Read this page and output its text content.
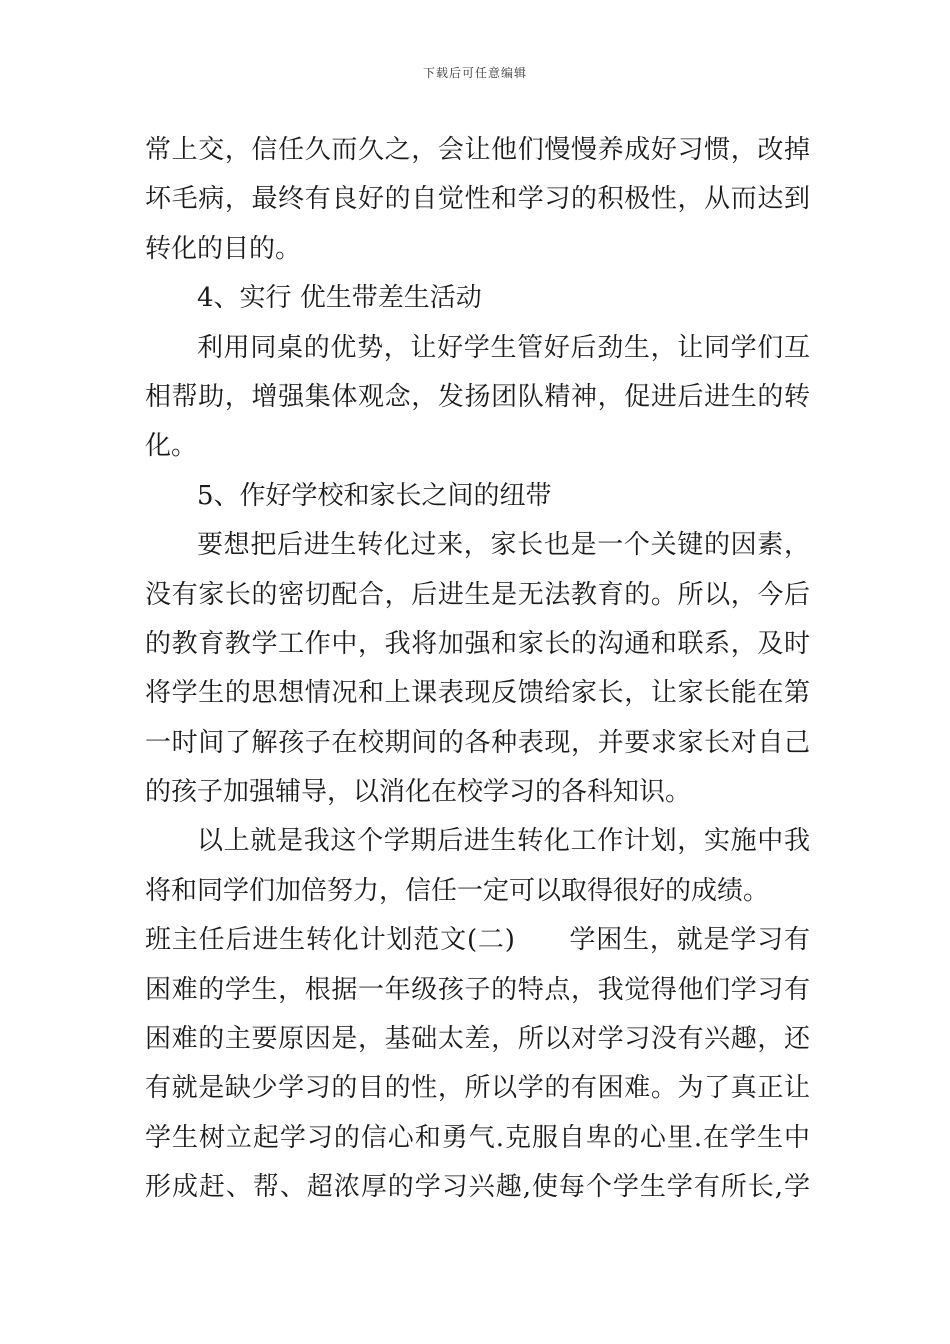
下载后可任意编辑
常上交，信任久而久之，会让他们慢慢养成好习惯，改掉
坏毛病，最终有良好的自觉性和学习的积极性，从而达到
转化的目的。
4、实行 优生带差生活动
利用同桌的优势，让好学生管好后劲生，让同学们互
相帮助，增强集体观念，发扬团队精神，促进后进生的转
化。
5、作好学校和家长之间的纽带
要想把后进生转化过来，家长也是一个关键的因素，
没有家长的密切配合，后进生是无法教育的。所以，今后
的教育教学工作中，我将加强和家长的沟通和联系，及时
将学生的思想情况和上课表现反馈给家长，让家长能在第
一时间了解孩子在校期间的各种表现，并要求家长对自己
的孩子加强辅导，以消化在校学习的各科知识。
以上就是我这个学期后进生转化工作计划，实施中我
将和同学们加倍努力，信任一定可以取得很好的成绩。
班主任后进生转化计划范文(二)　　学困生，就是学习有
困难的学生，根据一年级孩子的特点，我觉得他们学习有
困难的主要原因是，基础太差，所以对学习没有兴趣，还
有就是缺少学习的目的性，所以学的有困难。为了真正让
学生树立起学习的信心和勇气.克服自卑的心里.在学生中
形成赶、帮、超浓厚的学习兴趣,使每个学生学有所长,学
